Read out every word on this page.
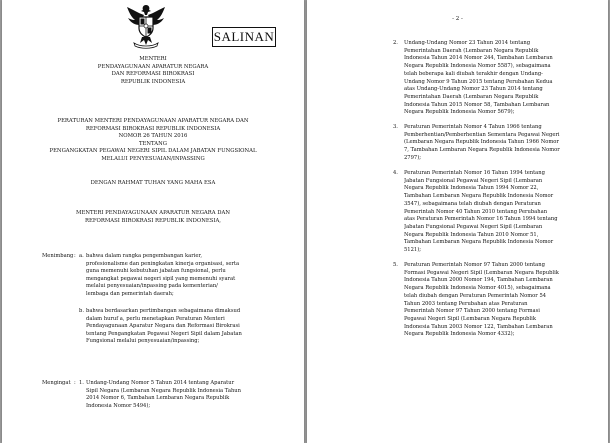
SALINAN
MENTERI
PENDAYAGUNAAN APARATUR NEGARA
DAN REFORMASI BIROKRASI
REPUBLIK INDONESIA
PERATURAN MENTERI PENDAYAGUNAAN APARATUR NEGARA DAN
REFORMASI BIROKRASI REPUBLIK INDONESIA
NOMOR 26 TAHUN 2016
TENTANG
PENGANGKATAN PEGAWAI NEGERI SIPIL DALAM JABATAN FUNGSIONAL
MELALUI PENYESUAIAN/INPASSING
DENGAN RAHMAT TUHAN YANG MAHA ESA
MENTERI PENDAYAGUNAAN APARATUR NEGARA DAN
REFORMASI BIROKRASI REPUBLIK INDONESIA,
Menimbang : a. bahwa dalam rangka pengembangan karier,
profesionalisme dan peningkatan kinerja organisasi, serta
guna memenuhi kebutuhan jabatan fungsional, perlu
mengangkat pegawai negeri sipil yang memenuhi syarat
melalui penyesuaian/inpassing pada kementerian/
lembaga dan pemerintah daerah;
b. bahwa berdasarkan pertimbangan sebagaimana dimaksud
dalam huruf a, perlu menetapkan Peraturan Menteri
Pendayagunaan Aparatur Negara dan Reformasi Birokrasi
tentang Pengangkatan Pegawai Negeri Sipil dalam Jabatan
Fungsional melalui penyesuaian/inpassing;
Mengingat : 1. Undang-Undang Nomor 5 Tahun 2014 tentang Aparatur
Sipil Negara (Lembaran Negara Republik Indonesia Tahun
2014 Nomor 6, Tambahan Lembaran Negara Republik
Indonesia Nomor 5494);
- 2 -
2. Undang-Undang Nomor 23 Tahun 2014 tentang
Pemerintahan Daerah (Lembaran Negara Republik
Indonesia Tahun 2014 Nomor 244, Tambahan Lembaran
Negara Republik Indonesia Nomor 5587), sebagaimana
telah beberapa kali diubah terakhir dengan Undang-
Undang Nomor 9 Tahun 2015 tentang Perubahan Kedua
atas Undang-Undang Nomor 23 Tahun 2014 tentang
Pemerintahan Daerah (Lembaran Negara Republik
Indonesia Tahun 2015 Nomor 58, Tambahan Lembaran
Negara Republik Indonesia Nomor 5679);
3. Peraturan Pemerintah Nomor 4 Tahun 1966 tentang
Pemberhentian/Pemberhentian Sementara Pegawai Negeri
(Lembaran Negara Republik Indonesia Tahun 1966 Nomor
7, Tambahan Lembaran Negara Republik Indonesia Nomor
2797);
4. Peraturan Pemerintah Nomor 16 Tahun 1994 tentang
Jabatan Fungsional Pegawai Negeri Sipil (Lembaran
Negara Republik Indonesia Tahun 1994 Nomor 22,
Tambahan Lembaran Negara Republik Indonesia Nomor
3547), sebagaimana telah diubah dengan Peraturan
Pemerintah Nomor 40 Tahun 2010 tentang Perubahan
atas Peraturan Pemerintah Nomor 16 Tahun 1994 tentang
Jabatan Fungsional Pegawai Negeri Sipil (Lembaran
Negara Republik Indonesia Tahun 2010 Nomor 51,
Tambahan Lembaran Negara Republik Indonesia Nomor
5121);
5. Peraturan Pemerintah Nomor 97 Tahun 2000 tentang
Formasi Pegawai Negeri Sipil (Lembaran Negara Republik
Indonesia Tahun 2000 Nomor 194, Tambahan Lembaran
Negara Republik Indonesia Nomor 4015), sebagaimana
telah diubah dengan Peraturan Pemerintah Nomor 54
Tahun 2003 tentang Perubahan atas Peraturan
Pemerintah Nomor 97 Tahun 2000 tentang Formasi
Pegawai Negeri Sipil (Lembaran Negara Republik
Indonesia Tahun 2003 Nomor 122, Tambahan Lembaran
Negara Republik Indonesia Nomor 4332);
